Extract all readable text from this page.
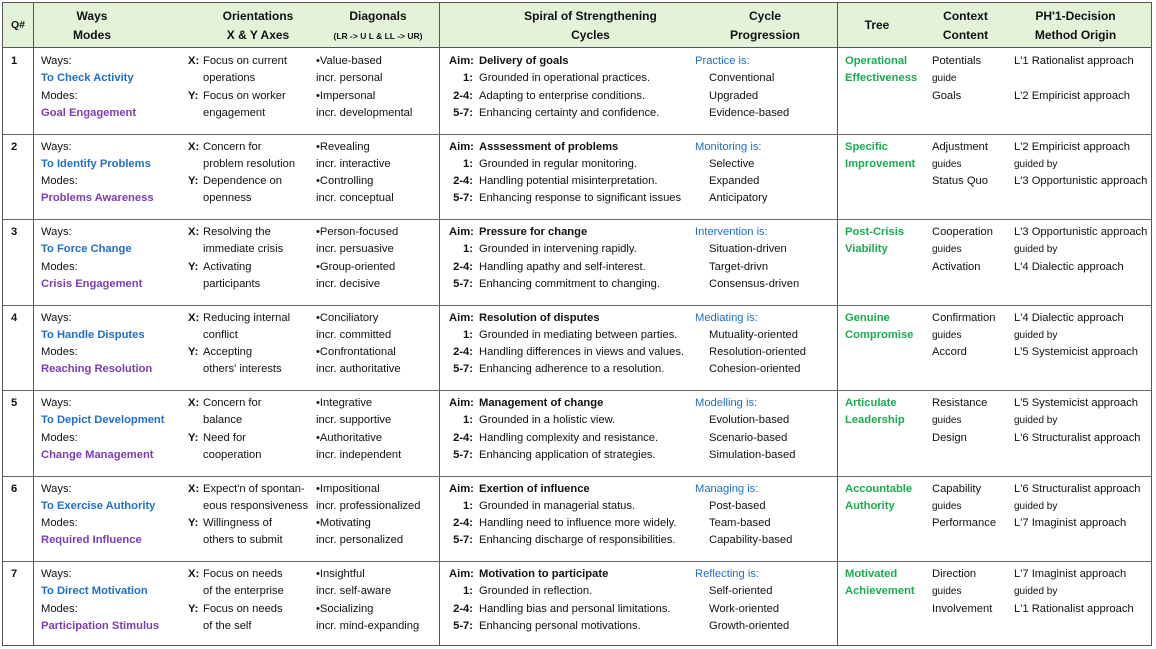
Q#
Ways
Modes
Orientations
X & Y Axes
Diagonals
(LR -> U L & LL -> UR)
Spiral of Strengthening
Cycles
Cycle
Progression
Tree
Context
Content
PH'1-Decision
Method Origin
1 Ways:
To Check Activity
Modes:
Goal Engagement
X: Focus on current
operations
Y: Focus on worker
engagement
•Value-based
incr. personal
•Impersonal
incr. developmental
Aim: Delivery of goals
1: Grounded in operational practices.
2-4: Adapting to enterprise conditions.
5-7: Enhancing certainty and confidence.
Practice is:
Conventional
Upgraded
Evidence-based
Operational
Effectiveness
Potentials
guide
Goals
L'1 Rationalist approach
L'2 Empiricist approach
2 Ways:
To Identify Problems
Modes:
Problems Awareness
X: Concern for
problem resolution
Y: Dependence on
openness
•Revealing
incr. interactive
•Controlling
incr. conceptual
Aim: Asssessment of problems
1: Grounded in regular monitoring.
2-4: Handling potential misinterpretation.
5-7: Enhancing response to significant issues
Monitoring is:
Selective
Expanded
Anticipatory
Specific
Improvement
Adjustment
guides
Status Quo
L'2 Empiricist approach
guided by
L'3 Opportunistic approach
3 Ways:
To Force Change
Modes:
Crisis Engagement
X: Resolving the
immediate crisis
Y: Activating
participants
•Person-focused
incr. persuasive
•Group-oriented
incr. decisive
Aim: Pressure for change
1: Grounded in intervening rapidly.
2-4: Handling apathy and self-interest.
5-7: Enhancing commitment to changing.
Intervention is:
Situation-driven
Target-drivn
Consensus-driven
Post-Crisis
Viability
Cooperation
guides
Activation
L'3 Opportunistic approach
guided by
L'4 Dialectic approach
4 Ways:
To Handle Disputes
Modes:
Reaching Resolution
X: Reducing internal
conflict
Y: Accepting
others' interests
•Conciliatory
incr. committed
•Confrontational
incr. authoritative
Aim: Resolution of disputes
1: Grounded in mediating between parties.
2-4: Handling differences in views and values.
5-7: Enhancing adherence to a resolution.
Mediating is:
Mutuality-oriented
Resolution-oriented
Cohesion-oriented
Genuine
Compromise
Confirmation
guides
Accord
L'4 Dialectic approach
guided by
L'5 Systemicist approach
5 Ways:
To Depict Development
Modes:
Change Management
X: Concern for
balance
Y: Need for
cooperation
•Integrative
incr. supportive
•Authoritative
incr. independent
Aim: Management of change
1: Grounded in a holistic view.
2-4: Handling complexity and resistance.
5-7: Enhancing application of strategies.
Modelling is:
Evolution-based
Scenario-based
Simulation-based
Articulate
Leadership
Resistance
guides
Design
L'5 Systemicist approach
guided by
L'6 Structuralist approach
6 Ways:
To Exercise Authority
Modes:
Required Influence
X: Expect'n of spontan-
eous responsiveness
Y: Willingness of
others to submit
•Impositional
incr. professionalized
•Motivating
incr. personalized
Aim: Exertion of influence
1: Grounded in managerial status.
2-4: Handling need to influence more widely.
5-7: Enhancing discharge of responsibilities.
Managing is:
Post-based
Team-based
Capability-based
Accountable
Authority
Capability
guides
Performance
L'6 Structuralist approach
guided by
L'7 Imaginist approach
7 Ways:
To Direct Motivation
Modes:
Participation Stimulus
X: Focus on needs
of the enterprise
Y: Focus on needs
of the self
•Insightful
incr. self-aware
•Socializing
incr. mind-expanding
Aim: Motivation to participate
1: Grounded in reflection.
2-4: Handling bias and personal limitations.
5-7: Enhancing personal motivations.
Reflecting is:
Self-oriented
Work-oriented
Growth-oriented
Motivated
Achievement
Direction
guides
Involvement
L'7 Imaginist approach
guided by
L'1 Rationalist approach
